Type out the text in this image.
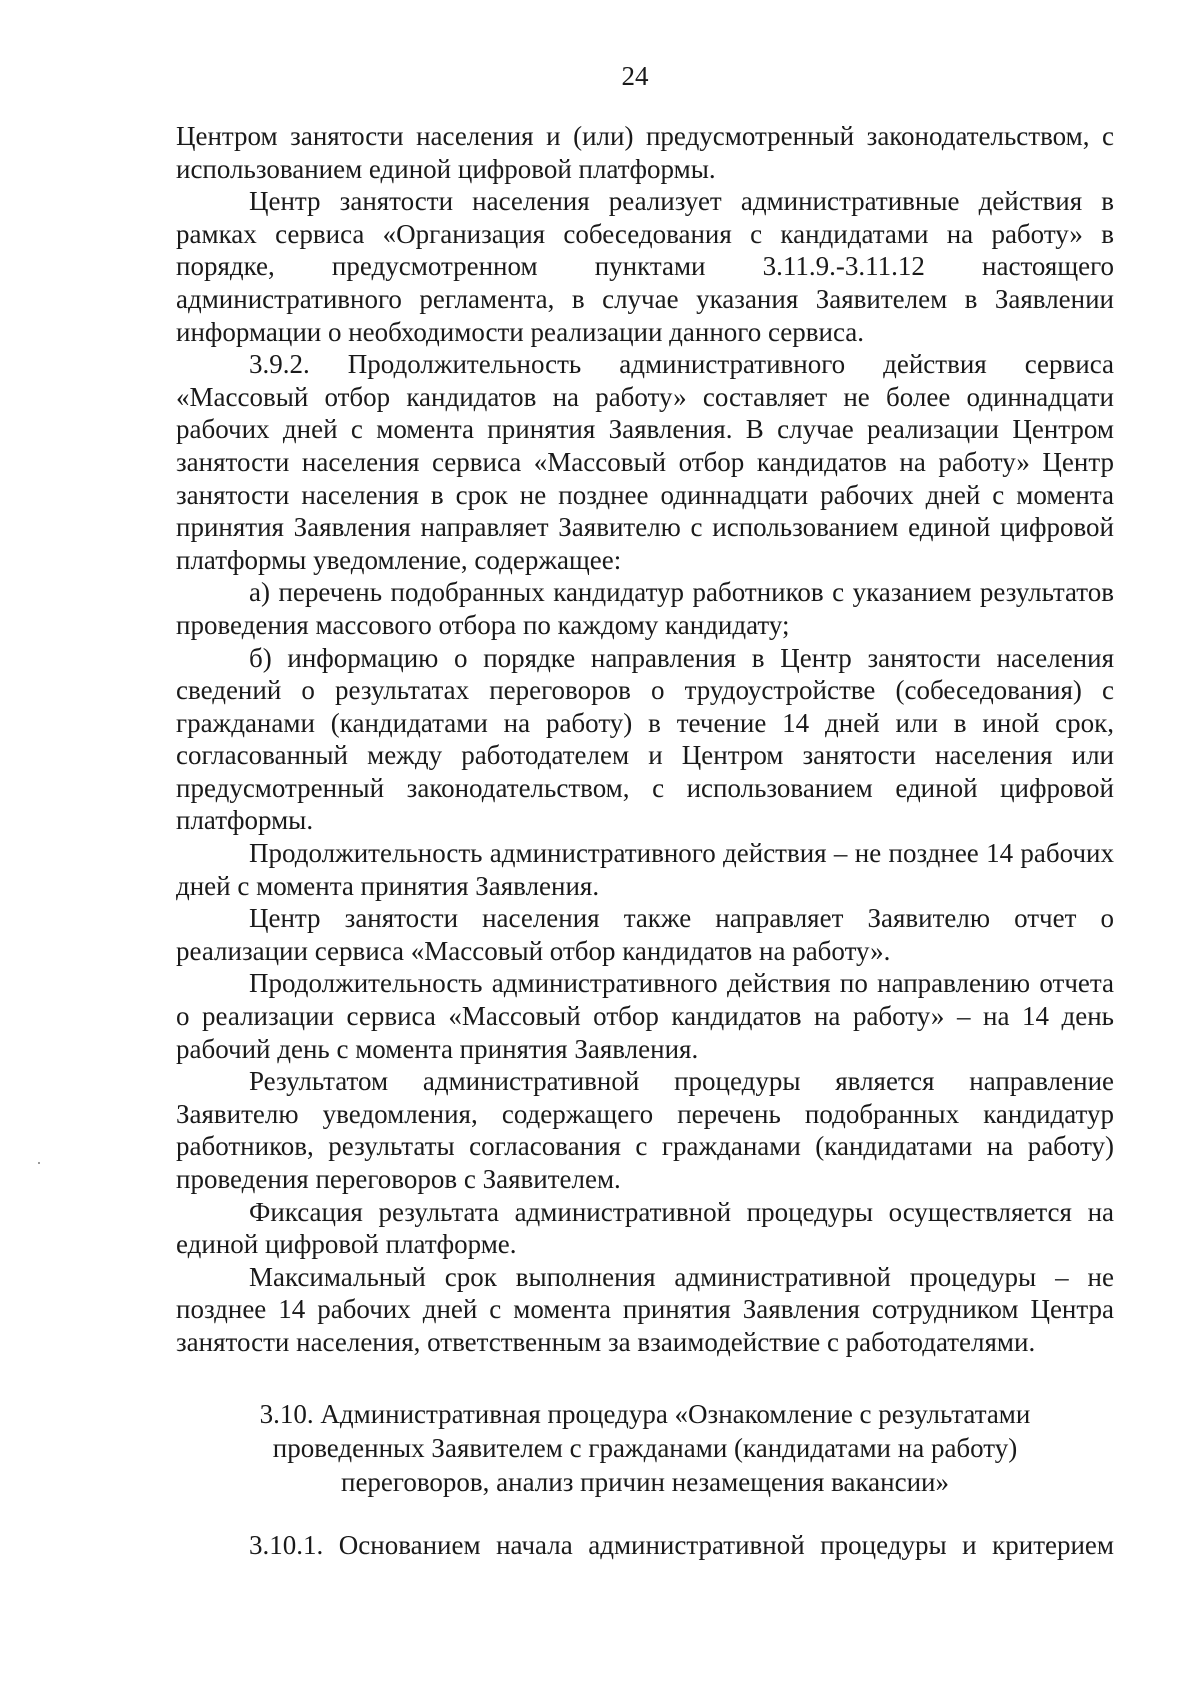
24

Центром занятости населения и (или) предусмотренный законодательством, с использованием единой цифровой платформы.

Центр занятости населения реализует административные действия в рамках сервиса «Организация собеседования с кандидатами на работу» в порядке, предусмотренном пунктами 3.11.9.-3.11.12 настоящего административного регламента, в случае указания Заявителем в Заявлении информации о необходимости реализации данного сервиса.

3.9.2. Продолжительность административного действия сервиса «Массовый отбор кандидатов на работу» составляет не более одиннадцати рабочих дней с момента принятия Заявления. В случае реализации Центром занятости населения сервиса «Массовый отбор кандидатов на работу» Центр занятости населения в срок не позднее одиннадцати рабочих дней с момента принятия Заявления направляет Заявителю с использованием единой цифровой платформы уведомление, содержащее:

а) перечень подобранных кандидатур работников с указанием результатов проведения массового отбора по каждому кандидату;

б) информацию о порядке направления в Центр занятости населения сведений о результатах переговоров о трудоустройстве (собеседования) с гражданами (кандидатами на работу) в течение 14 дней или в иной срок, согласованный между работодателем и Центром занятости населения или предусмотренный законодательством, с использованием единой цифровой платформы.

Продолжительность административного действия – не позднее 14 рабочих дней с момента принятия Заявления.

Центр занятости населения также направляет Заявителю отчет о реализации сервиса «Массовый отбор кандидатов на работу».

Продолжительность административного действия по направлению отчета о реализации сервиса «Массовый отбор кандидатов на работу» – на 14 день рабочий день с момента принятия Заявления.

Результатом административной процедуры является направление Заявителю уведомления, содержащего перечень подобранных кандидатур работников, результаты согласования с гражданами (кандидатами на работу) проведения переговоров с Заявителем.

Фиксация результата административной процедуры осуществляется на единой цифровой платформе.

Максимальный срок выполнения административной процедуры – не позднее 14 рабочих дней с момента принятия Заявления сотрудником Центра занятости населения, ответственным за взаимодействие с работодателями.

3.10. Административная процедура «Ознакомление с результатами
проведенных Заявителем с гражданами (кандидатами на работу)
переговоров, анализ причин незамещения вакансии»

3.10.1. Основанием начала административной процедуры и критерием
